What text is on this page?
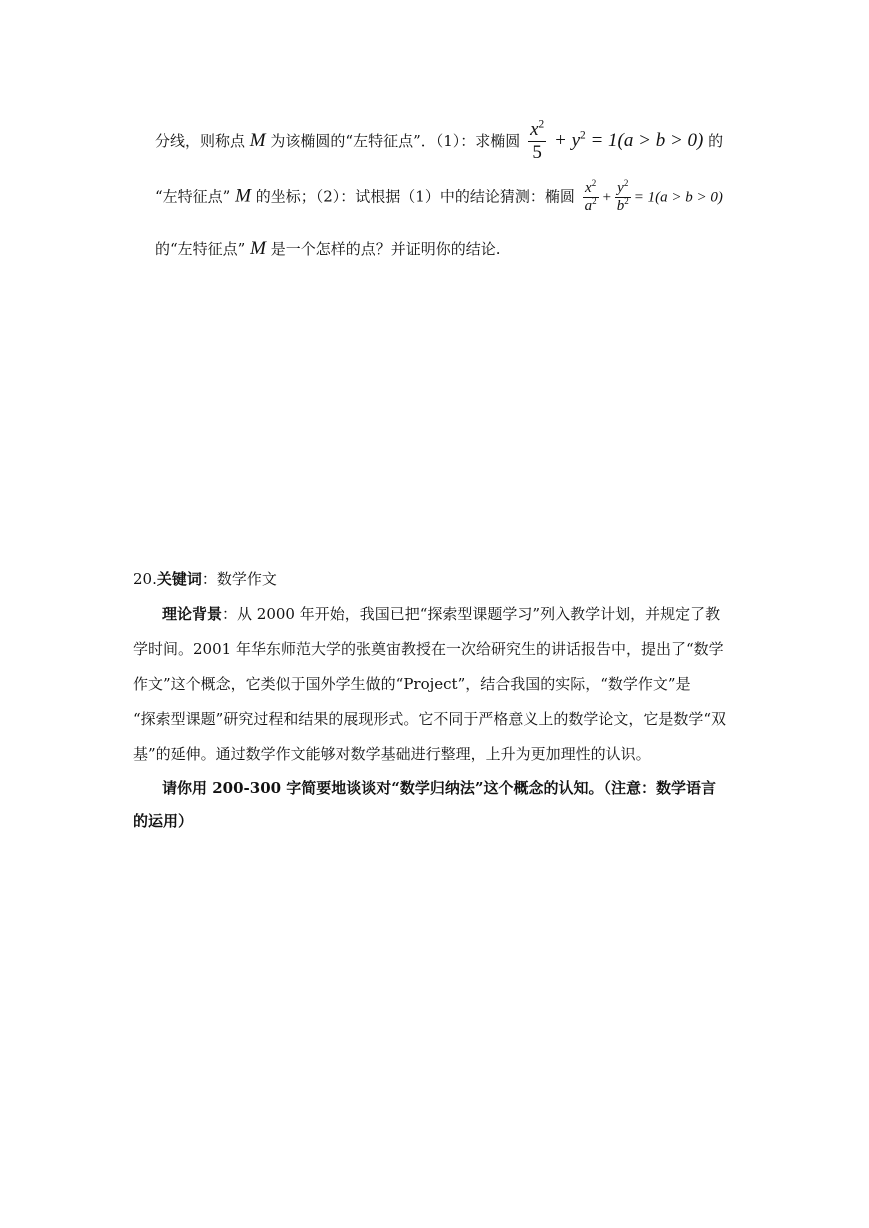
分线，则称点 M 为该椭圆的“左特征点”．（1）：求椭圆 $\frac{x^2}{5} + y^2 = 1(a > b > 0)$ 的
“左特征点” M 的坐标；（2）：试根据（1）中的结论猜测：椭圆 $\frac{x^2}{a^2} + \frac{y^2}{b^2} = 1(a > b > 0)$
的“左特征点” M 是一个怎样的点？并证明你的结论.
20.关键词：数学作文
理论背景：从 2000 年开始，我国已把“探索型课题学习”列入教学计划，并规定了教
学时间。2001 年华东师范大学的张奠宙教授在一次给研究生的讲话报告中，提出了“数学
作文”这个概念，它类似于国外学生做的“Project”，结合我国的实际，“数学作文”是
“探索型课题”研究过程和结果的展现形式。它不同于严格意义上的数学论文，它是数学“双
基”的延伸。通过数学作文能够对数学基础进行整理，上升为更加理性的认识。
请你用 200-300 字简要地谈谈对“数学归纳法”这个概念的认知。（注意：数学语言
的运用）
